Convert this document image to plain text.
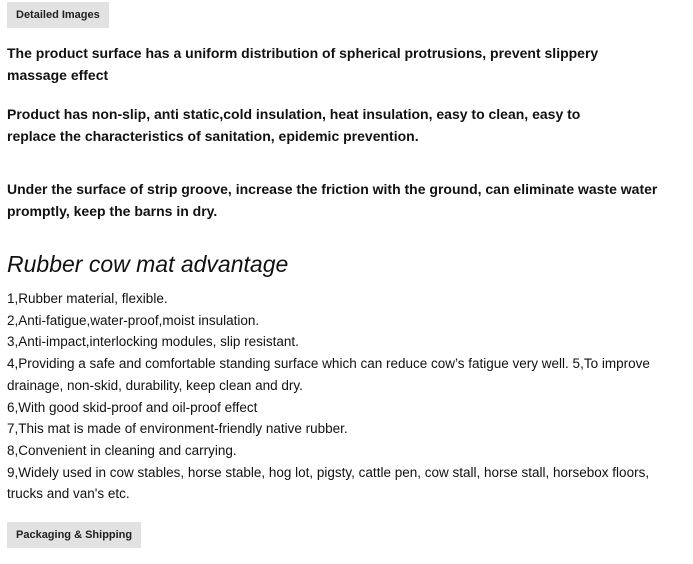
Detailed Images

The product surface has a uniform distribution of spherical protrusions, prevent slippery massage effect

Product has non-slip, anti static,cold insulation, heat insulation, easy to clean, easy to replace the characteristics of sanitation, epidemic prevention.

Under the surface of strip groove, increase the friction with the ground, can eliminate waste water promptly, keep the barns in dry.

Rubber cow mat advantage
1,Rubber material, flexible.
2,Anti-fatigue,water-proof,moist insulation.
3,Anti-impact,interlocking modules, slip resistant.
4,Providing a safe and comfortable standing surface which can reduce cow’s fatigue very well. 5,To improve drainage, non-skid, durability, keep clean and dry.
6,With good skid-proof and oil-proof effect
7,This mat is made of environment-friendly native rubber.
8,Convenient in cleaning and carrying.
9,Widely used in cow stables, horse stable, hog lot, pigsty, cattle pen, cow stall, horse stall, horsebox floors, trucks and van's etc.
Packaging & Shipping
